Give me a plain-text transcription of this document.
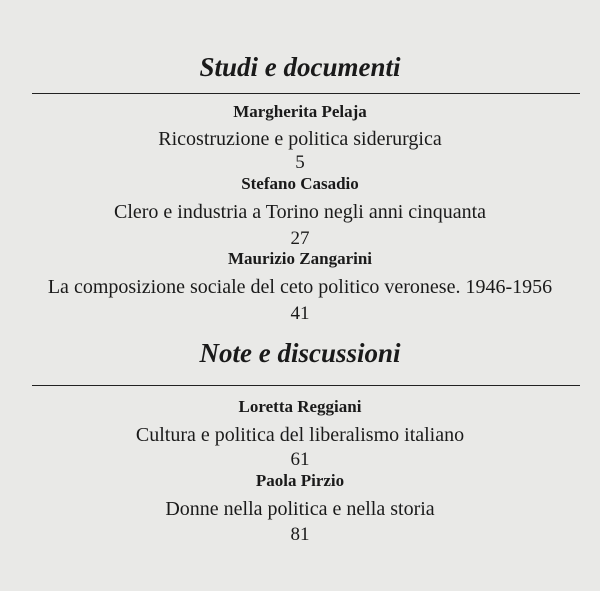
Studi e documenti
Margherita Pelaja
Ricostruzione e politica siderurgica
5
Stefano Casadio
Clero e industria a Torino negli anni cinquanta
27
Maurizio Zangarini
La composizione sociale del ceto politico veronese. 1946-1956
41
Note e discussioni
Loretta Reggiani
Cultura e politica del liberalismo italiano
61
Paola Pirzio
Donne nella politica e nella storia
81
